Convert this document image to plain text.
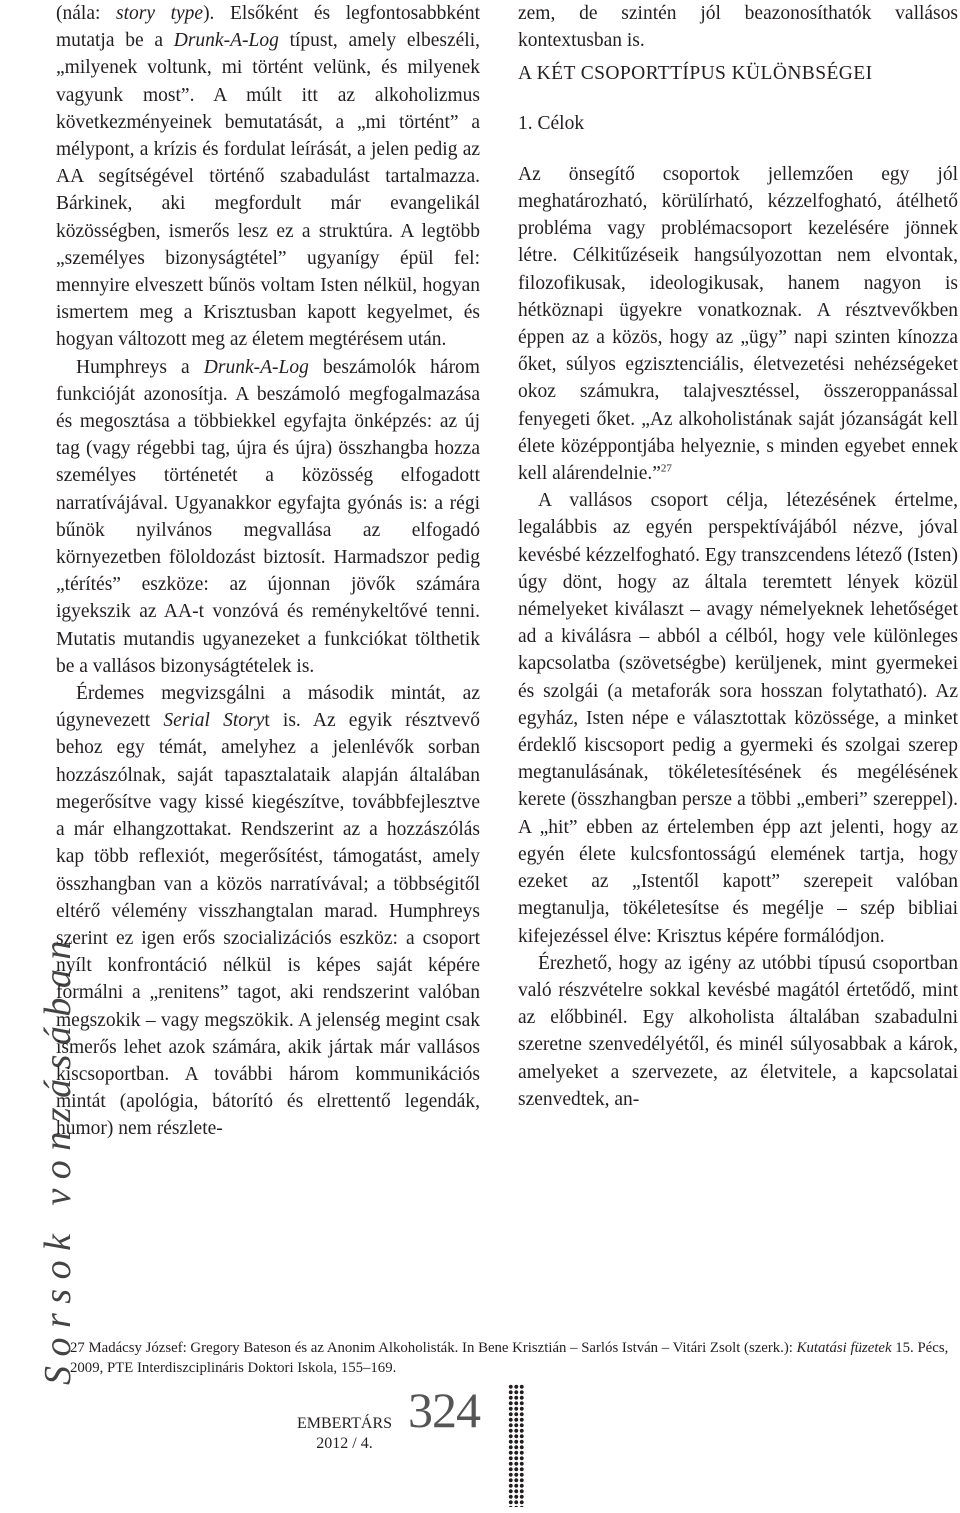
Sorsok vonzásában

(nála: story type). Elsőként és legfontosabbként mutatja be a Drunk-A-Log típust, amely elbeszéli, „milyenek voltunk, mi történt velünk, és milyenek vagyunk most”. A múlt itt az alkoholizmus következményeinek bemutatását, a „mi történt” a mélypont, a krízis és fordulat leírását, a jelen pedig az AA segítségével történő szabadulást tartalmazza. Bárkinek, aki megfordult már evangelikál közösségben, ismerős lesz ez a struktúra. A legtöbb „személyes bizonyságtétel” ugyanígy épül fel: mennyire elveszett bűnös voltam Isten nélkül, hogyan ismertem meg a Krisztusban kapott kegyelmet, és hogyan változott meg az életem megtérésem után.

Humphreys a Drunk-A-Log beszámolók három funkcióját azonosítja. A beszámoló megfogalmazása és megosztása a többiekkel egyfajta önképzés: az új tag (vagy régebbi tag, újra és újra) összhangba hozza személyes történetét a közösség elfogadott narratívájával. Ugyanakkor egyfajta gyónás is: a régi bűnök nyilvános megvallása az elfogadó környezetben föloldozást biztosít. Harmadszor pedig „térítés” eszköze: az újonnan jövők számára igyekszik az AA-t vonzóvá és reménykeltővé tenni. Mutatis mutandis ugyanezeket a funkciókat tölthetik be a vallásos bizonyságtételek is.

Érdemes megvizsgálni a második mintát, az úgynevezett Serial Storyt is. Az egyik résztvevő behoz egy témát, amelyhez a jelenlévők sorban hozzászólnak, saját tapasztalataik alapján általában megerősítve vagy kissé kiegészítve, továbbfejlesztve a már elhangzottakat. Rendszerint az a hozzászólás kap több reflexiót, megerősítést, támogatást, amely összhangban van a közös narratívával; a többségitől eltérő vélemény visszhangtalan marad. Humphreys szerint ez igen erős szocializációs eszköz: a csoport nyílt konfrontáció nélkül is képes saját képére formálni a „renitens” tagot, aki rendszerint valóban megszokik – vagy megszökik. A jelenség megint csak ismerős lehet azok számára, akik jártak már vallásos kiscsoportban. A további három kommunikációs mintát (apológia, bátorító és elrettentő legendák, humor) nem részlete-

zem, de szintén jól beazonosíthatók vallásos kontextusban is.

A KÉT CSOPORTTÍPUS KÜLÖNBSÉGEI
1. Célok

Az önsegítő csoportok jellemzően egy jól meghatározható, körülírható, kézzelfogható, átélhető probléma vagy problémacsoport kezelésére jönnek létre. Célkitűzéseik hangsúlyozottan nem elvontak, filozofikusak, ideologikusak, hanem nagyon is hétköznapi ügyekre vonatkoznak. A résztvevőkben éppen az a közös, hogy az „ügy” napi szinten kínozza őket, súlyos egzisztenciális, életvezetési nehézségeket okoz számukra, talajvesztéssel, összeroppanással fenyegeti őket. „Az alkoholistának saját józanságát kell élete középpontjába helyeznie, s minden egyebet ennek kell alárendelnie.”$^{27}$

A vallásos csoport célja, létezésének értelme, legalábbis az egyén perspektívájából nézve, jóval kevésbé kézzelfogható. Egy transzcendens létező (Isten) úgy dönt, hogy az általa teremtett lények közül némelyeket kiválaszt – avagy némelyeknek lehetőséget ad a kiválásra – abból a célból, hogy vele különleges kapcsolatba (szövetségbe) kerüljenek, mint gyermekei és szolgái (a metaforák sora hosszan folytatható). Az egyház, Isten népe e választottak közössége, a minket érdeklő kiscsoport pedig a gyermeki és szolgai szerep megtanulásának, tökéletesítésének és megélésének kerete (összhangban persze a többi „emberi” szereppel). A „hit” ebben az értelemben épp azt jelenti, hogy az egyén élete kulcsfontosságú elemének tartja, hogy ezeket az „Istentől kapott” szerepeit valóban megtanulja, tökéletesítse és megélje – szép bibliai kifejezéssel élve: Krisztus képére formálódjon.

Érezhető, hogy az igény az utóbbi típusú csoportban való részvételre sokkal kevésbé magától értetődő, mint az előbbinél. Egy alkoholista általában szabadulni szeretne szenvedélyétől, és minél súlyosabbak a károk, amelyeket a szervezete, az életvitele, a kapcsolatai szenvedtek, an-

27 Madácsy József: Gregory Bateson és az Anonim Alkoholisták. In Bene Krisztián – Sarlós István – Vitári Zsolt (szerk.): Kutatási füzetek 15. Pécs, 2009, PTE Interdiszciplináris Doktori Iskola, 155–169.
EMBERTÁRS
2012 / 4.
324
